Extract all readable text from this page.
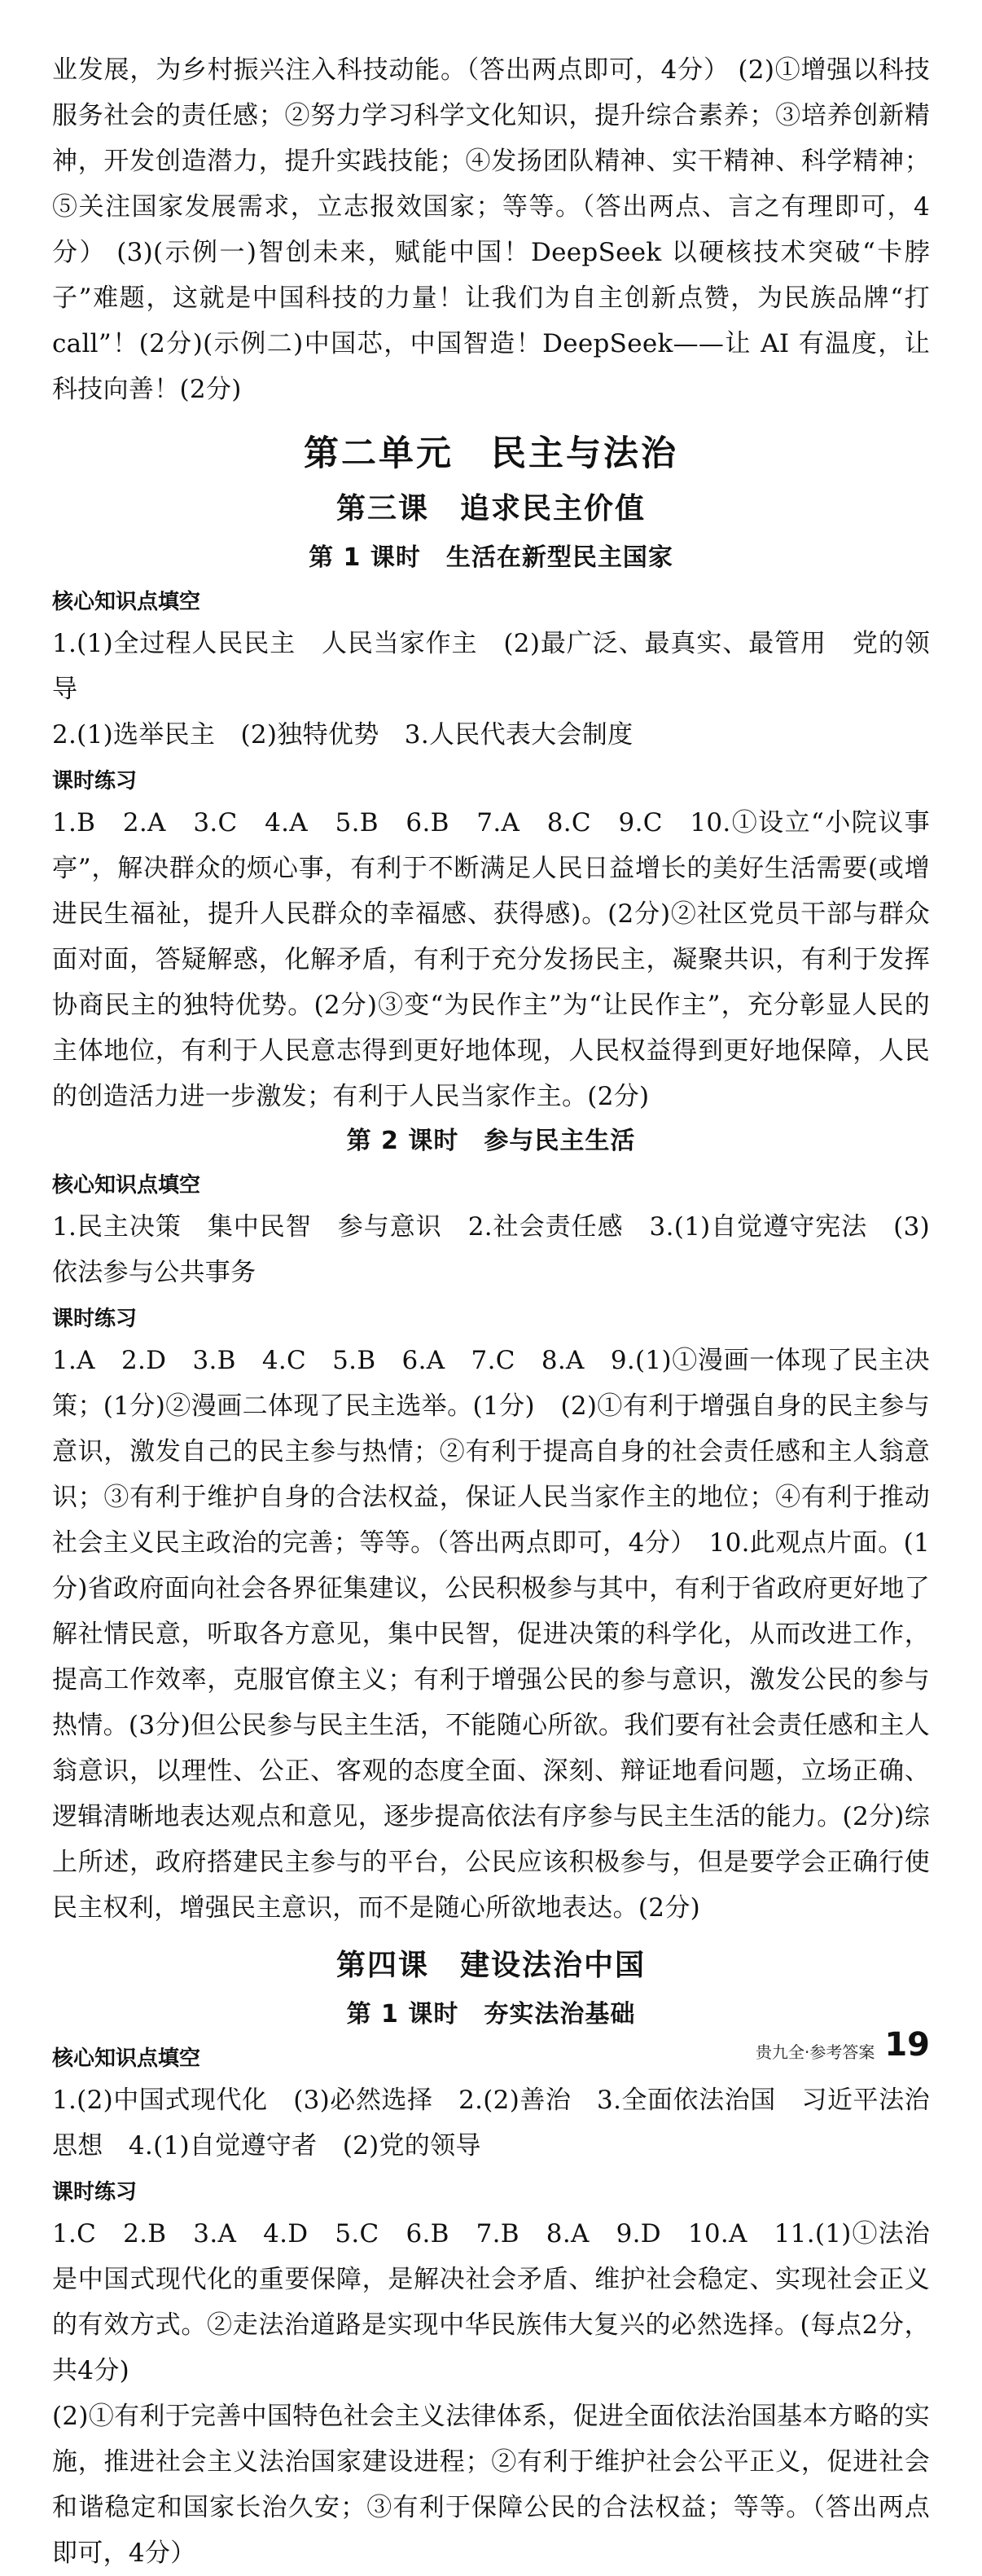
业发展，为乡村振兴注入科技动能。（答出两点即可，4分） (2)①增强以科技服务社会的责任感；②努力学习科学文化知识，提升综合素养；③培养创新精神，开发创造潜力，提升实践技能；④发扬团队精神、实干精神、科学精神；⑤关注国家发展需求，立志报效国家；等等。（答出两点、言之有理即可，4分） (3)(示例一)智创未来，赋能中国！DeepSeek 以硬核技术突破“卡脖子”难题，这就是中国科技的力量！让我们为自主创新点赞，为民族品牌“打 call”！(2分)(示例二)中国芯，中国智造！DeepSeek——让 AI 有温度，让科技向善！(2分)

第二单元　民主与法治
第三课　追求民主价值
第 1 课时　生活在新型民主国家
核心知识点填空

1.(1)全过程人民民主　人民当家作主　(2)最广泛、最真实、最管用　党的领导

2.(1)选举民主　(2)独特优势　3.人民代表大会制度

课时练习

1.B　2.A　3.C　4.A　5.B　6.B　7.A　8.C　9.C　10.①设立“小院议事亭”，解决群众的烦心事，有利于不断满足人民日益增长的美好生活需要(或增进民生福祉，提升人民群众的幸福感、获得感)。(2分)②社区党员干部与群众面对面，答疑解惑，化解矛盾，有利于充分发扬民主，凝聚共识，有利于发挥协商民主的独特优势。(2分)③变“为民作主”为“让民作主”，充分彰显人民的主体地位，有利于人民意志得到更好地体现，人民权益得到更好地保障，人民的创造活力进一步激发；有利于人民当家作主。(2分)

第 2 课时　参与民主生活
核心知识点填空

1.民主决策　集中民智　参与意识　2.社会责任感　3.(1)自觉遵守宪法　(3)依法参与公共事务

课时练习

1.A　2.D　3.B　4.C　5.B　6.A　7.C　8.A　9.(1)①漫画一体现了民主决策；(1分)②漫画二体现了民主选举。(1分)　(2)①有利于增强自身的民主参与意识，激发自己的民主参与热情；②有利于提高自身的社会责任感和主人翁意识；③有利于维护自身的合法权益，保证人民当家作主的地位；④有利于推动社会主义民主政治的完善；等等。（答出两点即可，4分）　10.此观点片面。(1分)省政府面向社会各界征集建议，公民积极参与其中，有利于省政府更好地了解社情民意，听取各方意见，集中民智，促进决策的科学化，从而改进工作，提高工作效率，克服官僚主义；有利于增强公民的参与意识，激发公民的参与热情。(3分)但公民参与民主生活，不能随心所欲。我们要有社会责任感和主人翁意识，以理性、公正、客观的态度全面、深刻、辩证地看问题，立场正确、逻辑清晰地表达观点和意见，逐步提高依法有序参与民主生活的能力。(2分)综上所述，政府搭建民主参与的平台，公民应该积极参与，但是要学会正确行使民主权利，增强民主意识，而不是随心所欲地表达。(2分)

第四课　建设法治中国
第 1 课时　夯实法治基础
核心知识点填空

1.(2)中国式现代化　(3)必然选择　2.(2)善治　3.全面依法治国　习近平法治思想　4.(1)自觉遵守者　(2)党的领导

课时练习

1.C　2.B　3.A　4.D　5.C　6.B　7.B　8.A　9.D　10.A　11.(1)①法治是中国式现代化的重要保障，是解决社会矛盾、维护社会稳定、实现社会正义的有效方式。②走法治道路是实现中华民族伟大复兴的必然选择。(每点2分，共4分)

(2)①有利于完善中国特色社会主义法律体系，促进全面依法治国基本方略的实施，推进社会主义法治国家建设进程；②有利于维护社会公平正义，促进社会和谐稳定和国家长治久安；③有利于保障公民的合法权益；等等。（答出两点即可，4分）

贵九全·参考答案 19
